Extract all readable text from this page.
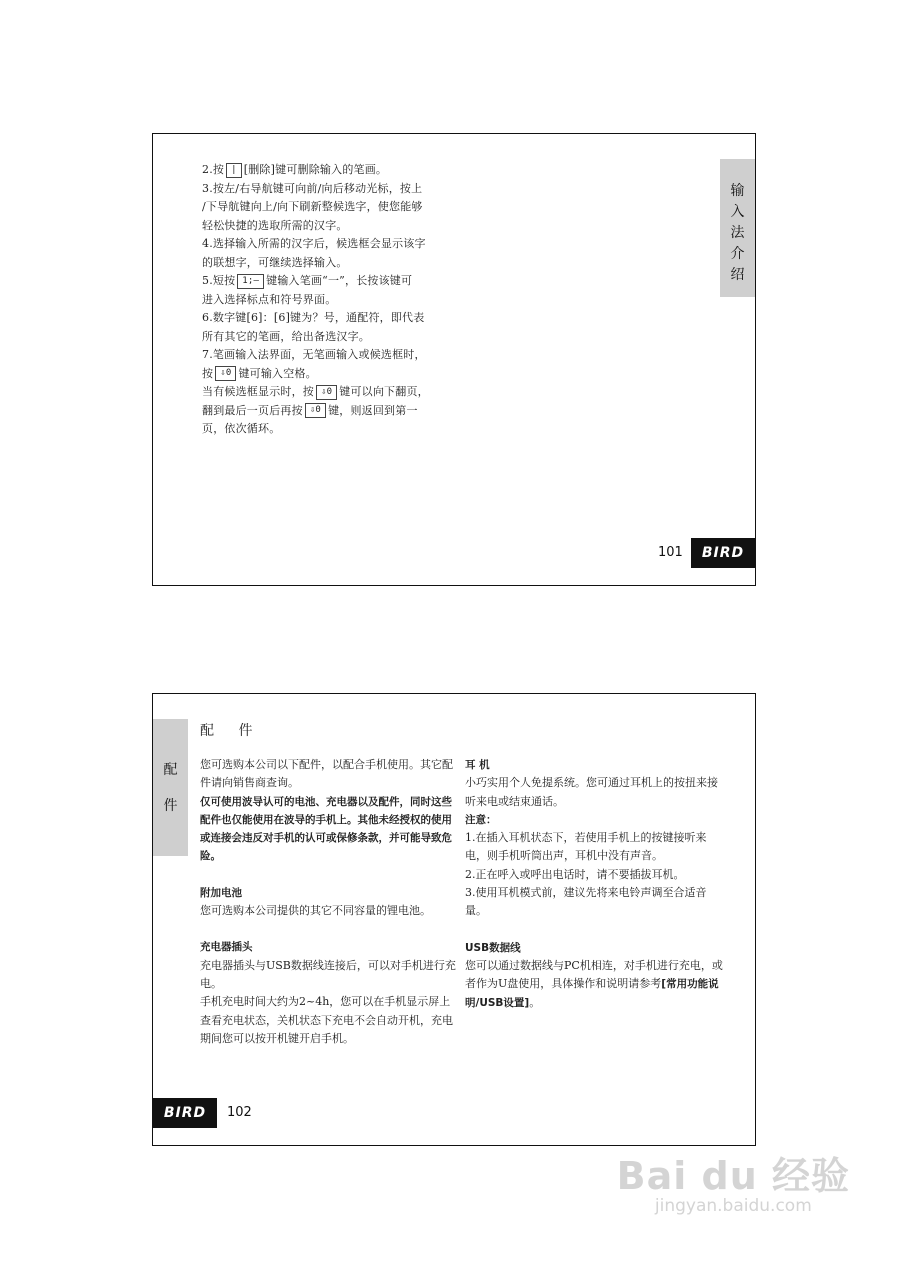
输
入
法
介
绍
2.按 | [删除]键可删除输入的笔画。
3.按左/右导航键可向前/向后移动光标，按上
/下导航键向上/向下刷新整候选字，使您能够
轻松快捷的选取所需的汉字。
4.选择输入所需的汉字后，候选框会显示该字
的联想字，可继续选择输入。
5.短按 1;— 键输入笔画“一”，长按该键可
进入选择标点和符号界面。
6.数字键[6]：[6]键为？号，通配符，即代表
所有其它的笔画，给出备选汉字。
7.笔画输入法界面，无笔画输入或候选框时，
按 ⇩0 键可输入空格。
当有候选框显示时，按 ⇩0 键可以向下翻页，
翻到最后一页后再按 ⇩0 键，则返回到第一
页，依次循环。
101	BIRD
配
件
配 件
您可选购本公司以下配件，以配合手机使用。其它配件请向销售商查询。
仅可使用波导认可的电池、充电器以及配件，同时这些配件也仅能使用在波导的手机上。其他未经授权的使用或连接会违反对手机的认可或保修条款，并可能导致危险。
附加电池
您可选购本公司提供的其它不同容量的锂电池。
充电器插头
充电器插头与USB数据线连接后，可以对手机进行充电。
手机充电时间大约为2~4h，您可以在手机显示屏上查看充电状态，关机状态下充电不会自动开机，充电期间您可以按开机键开启手机。
耳 机
小巧实用个人免提系统。您可通过耳机上的按扭来接听来电或结束通话。
注意：
1.在插入耳机状态下，若使用手机上的按键接听来电，则手机听筒出声，耳机中没有声音。
2.正在呼入或呼出电话时，请不要插拔耳机。
3.使用耳机模式前，建议先将来电铃声调至合适音量。
USB数据线
您可以通过数据线与PC机相连，对手机进行充电，或者作为U盘使用，具体操作和说明请参考[常用功能说明/USB设置]。
BIRD	102
Bai du 经验
jingyan.baidu.com
